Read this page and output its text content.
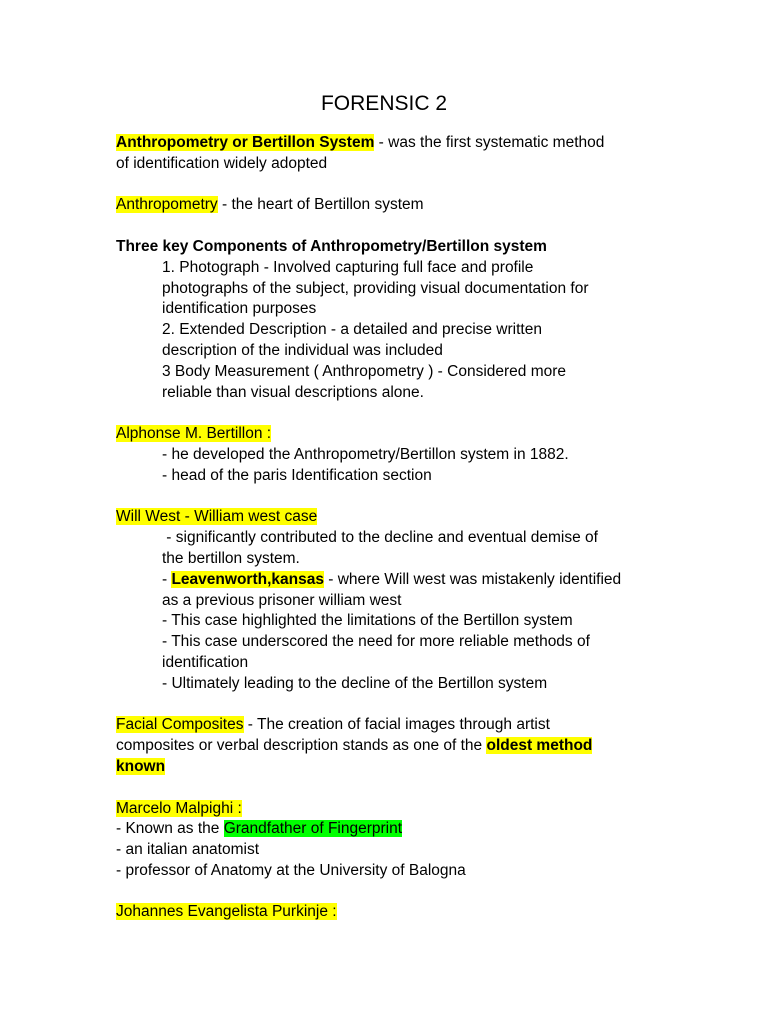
FORENSIC 2

Anthropometry or Bertillon System - was the first systematic method

of identification widely adopted

Anthropometry - the heart of Bertillon system

Three key Components of Anthropometry/Bertillon system

1. Photograph - Involved capturing full face and profile

photographs of the subject, providing visual documentation for

identification purposes

2. Extended Description - a detailed and precise written

description of the individual was included

3 Body Measurement ( Anthropometry ) - Considered more

reliable than visual descriptions alone.

Alphonse M. Bertillon :

- he developed the Anthropometry/Bertillon system in 1882.

- head of the paris Identification section

Will West - William west case

- significantly contributed to the decline and eventual demise of

the bertillon system.

- Leavenworth,kansas - where Will west was mistakenly identified

as a previous prisoner william west

- This case highlighted the limitations of the Bertillon system

- This case underscored the need for more reliable methods of

identification

- Ultimately leading to the decline of the Bertillon system

Facial Composites - The creation of facial images through artist

composites or verbal description stands as one of the oldest method

known

Marcelo Malpighi :

- Known as the Grandfather of Fingerprint

- an italian anatomist

- professor of Anatomy at the University of Balogna

Johannes Evangelista Purkinje :
